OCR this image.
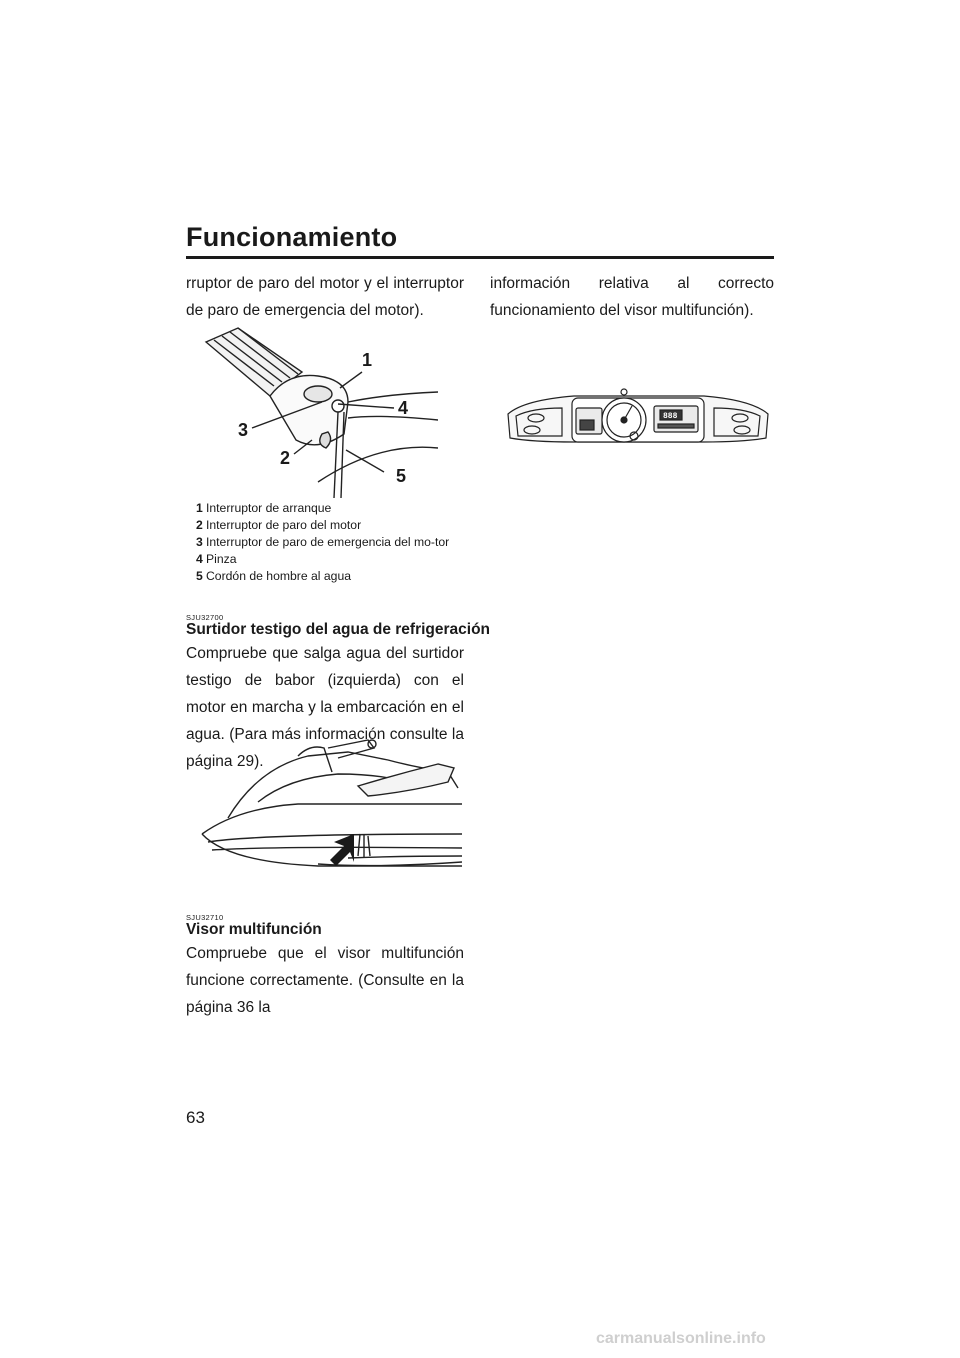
Funcionamiento
rruptor de paro del motor y el interruptor de paro de emergencia del motor).
1
2
3
4
5
1 Interruptor de arranque
2 Interruptor de paro del motor
3 Interruptor de paro de emergencia del mo-tor
4 Pinza
5 Cordón de hombre al agua
SJU32700
Surtidor testigo del agua de refrigeración
Compruebe que salga agua del surtidor testigo de babor (izquierda) con el motor en marcha y la embarcación en el agua. (Para más información consulte la página 29).
SJU32710
Visor multifunción
Compruebe que el visor multifunción funcione correctamente. (Consulte en la página 36 la
información relativa al correcto funcionamiento del visor multifunción).
888
63
carmanualsonline.info
